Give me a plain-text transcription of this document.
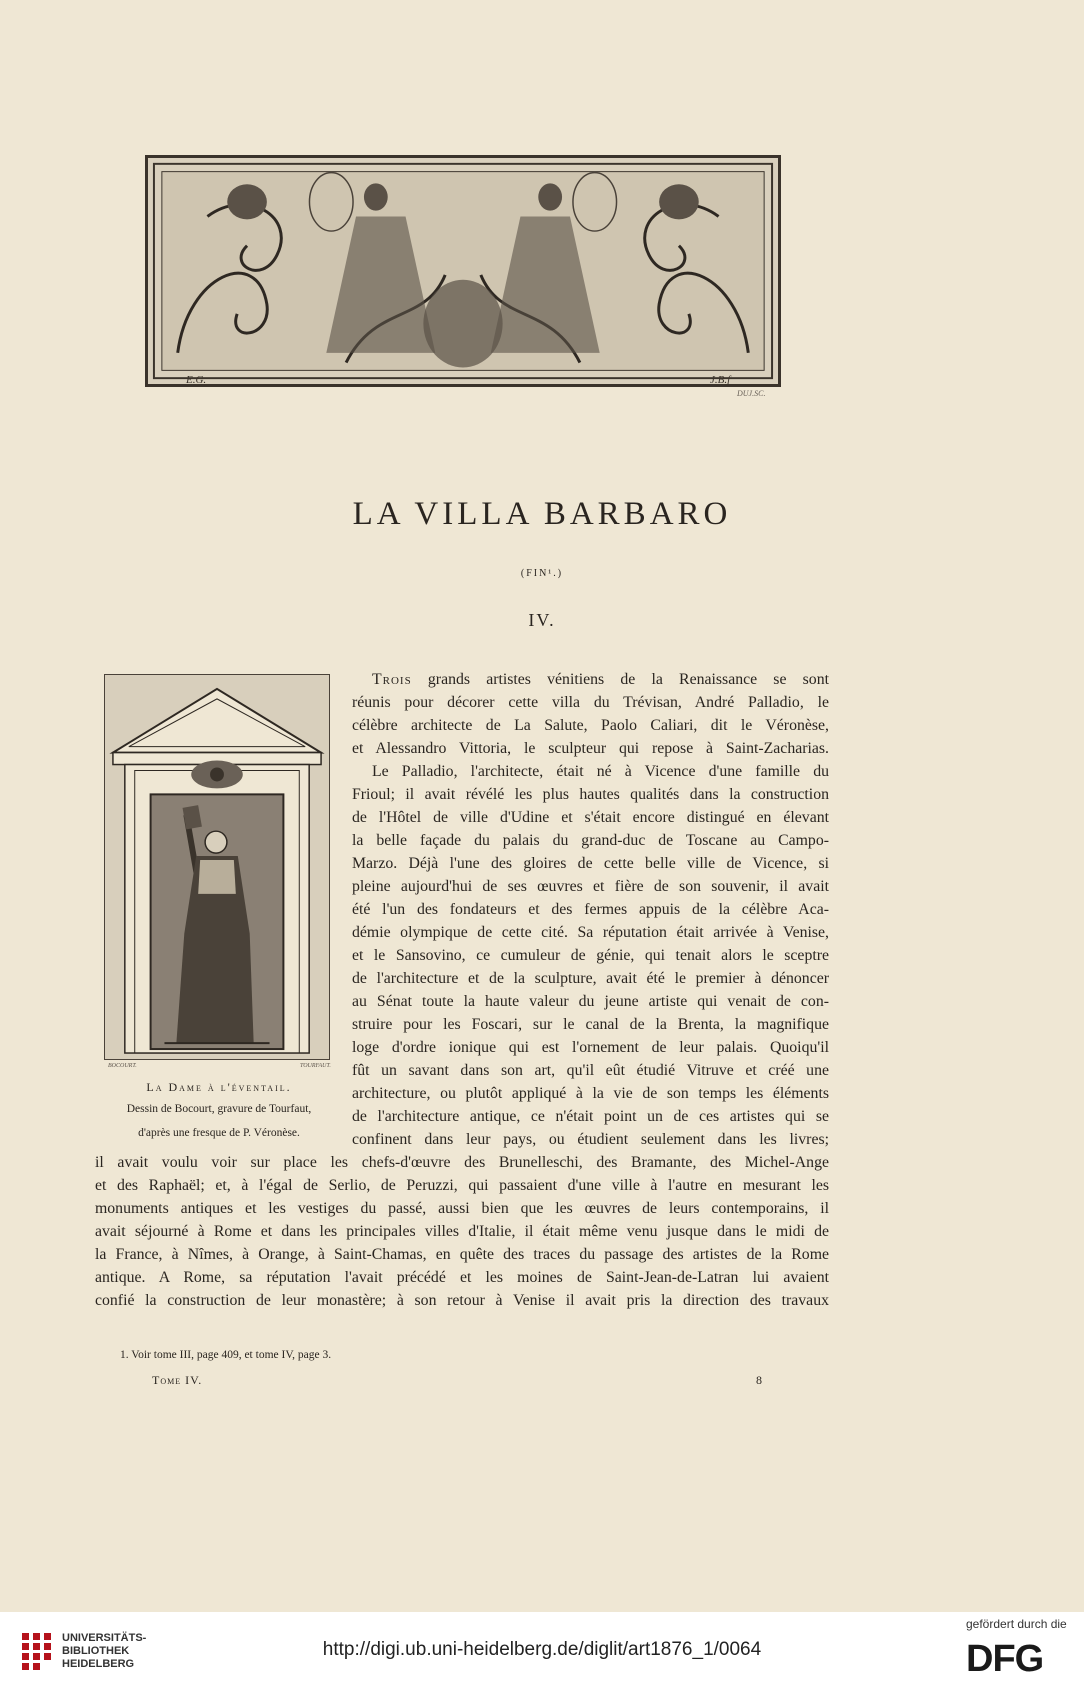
E.G.	J.B.f
DUJ.SC.
LA VILLA BARBARO
(FIN¹.)
IV.
BOCOURT.	TOURFAUT.
La Dame à l'éventail.
Dessin de Bocourt, gravure de Tourfaut,
d'après une fresque de P. Véronèse.
Trois grands artistes vénitiens de la Renaissance se sont
réunis pour décorer cette villa du Trévisan, André Palladio, le
célèbre architecte de La Salute, Paolo Caliari, dit le Véronèse,
et Alessandro Vittoria, le sculpteur qui repose à Saint-Zacharias.
Le Palladio, l'architecte, était né à Vicence d'une famille du
Frioul; il avait révélé les plus hautes qualités dans la construction
de l'Hôtel de ville d'Udine et s'était encore distingué en élevant
la belle façade du palais du grand-duc de Toscane au Campo-
Marzo. Déjà l'une des gloires de cette belle ville de Vicence, si
pleine aujourd'hui de ses œuvres et fière de son souvenir, il avait
été l'un des fondateurs et des fermes appuis de la célèbre Aca-
démie olympique de cette cité. Sa réputation était arrivée à Venise,
et le Sansovino, ce cumuleur de génie, qui tenait alors le sceptre
de l'architecture et de la sculpture, avait été le premier à dénoncer
au Sénat toute la haute valeur du jeune artiste qui venait de con-
struire pour les Foscari, sur le canal de la Brenta, la magnifique
loge d'ordre ionique qui est l'ornement de leur palais. Quoiqu'il
fût un savant dans son art, qu'il eût étudié Vitruve et créé une
architecture, ou plutôt appliqué à la vie de son temps les éléments
de l'architecture antique, ce n'était point un de ces artistes qui se
confinent dans leur pays, ou étudient seulement dans les livres;
il avait voulu voir sur place les chefs-d'œuvre des Brunelleschi, des Bramante, des Michel-Ange
et des Raphaël; et, à l'égal de Serlio, de Peruzzi, qui passaient d'une ville à l'autre en mesurant les
monuments antiques et les vestiges du passé, aussi bien que les œuvres de leurs contemporains, il
avait séjourné à Rome et dans les principales villes d'Italie, il était même venu jusque dans le midi de
la France, à Nîmes, à Orange, à Saint-Chamas, en quête des traces du passage des artistes de la Rome
antique. A Rome, sa réputation l'avait précédé et les moines de Saint-Jean-de-Latran lui avaient
confié la construction de leur monastère; à son retour à Venise il avait pris la direction des travaux
1. Voir tome III, page 409, et tome IV, page 3.
Tome IV.	8
UNIVERSITÄTS-
BIBLIOTHEK
HEIDELBERG
http://digi.ub.uni-heidelberg.de/diglit/art1876_1/0064
gefördert durch die
DFG
